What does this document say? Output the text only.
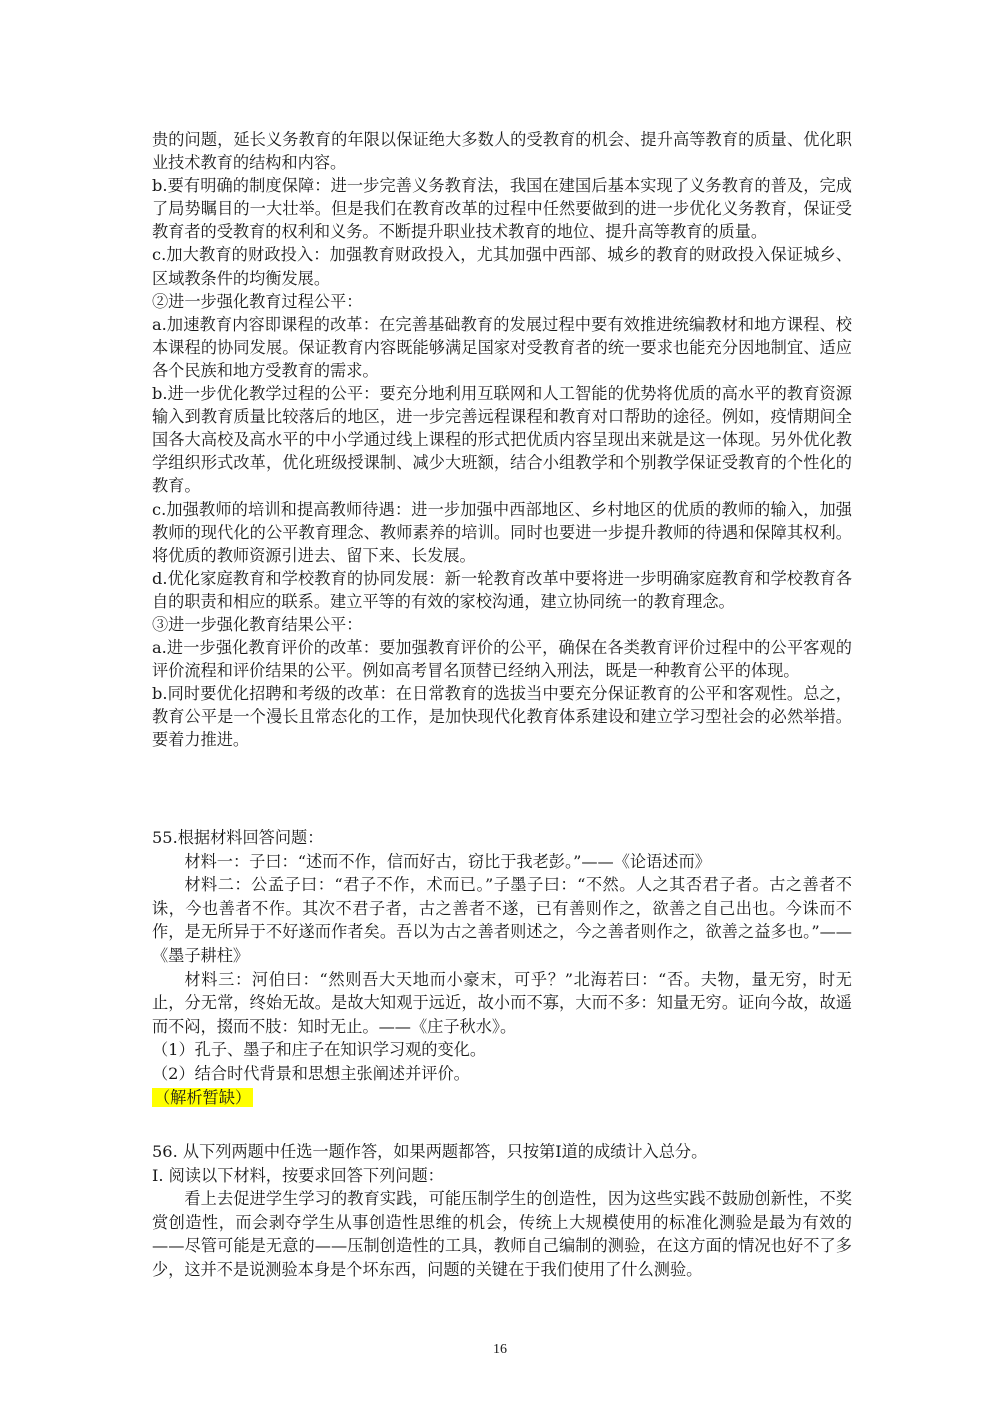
贵的问题，延长义务教育的年限以保证绝大多数人的受教育的机会、提升高等教育的质量、优化职业技术教育的结构和内容。

b.要有明确的制度保障：进一步完善义务教育法，我国在建国后基本实现了义务教育的普及，完成了局势瞩目的一大壮举。但是我们在教育改革的过程中任然要做到的进一步优化义务教育，保证受教育者的受教育的权利和义务。不断提升职业技术教育的地位、提升高等教育的质量。

c.加大教育的财政投入：加强教育财政投入，尤其加强中西部、城乡的教育的财政投入保证城乡、区域教条件的均衡发展。

②进一步强化教育过程公平：

a.加速教育内容即课程的改革：在完善基础教育的发展过程中要有效推进统编教材和地方课程、校本课程的协同发展。保证教育内容既能够满足国家对受教育者的统一要求也能充分因地制宜、适应各个民族和地方受教育的需求。

b.进一步优化教学过程的公平：要充分地利用互联网和人工智能的优势将优质的高水平的教育资源输入到教育质量比较落后的地区，进一步完善远程课程和教育对口帮助的途径。例如，疫情期间全国各大高校及高水平的中小学通过线上课程的形式把优质内容呈现出来就是这一体现。另外优化教学组织形式改革，优化班级授课制、减少大班额，结合小组教学和个别教学保证受教育的个性化的教育。

c.加强教师的培训和提高教师待遇：进一步加强中西部地区、乡村地区的优质的教师的输入，加强教师的现代化的公平教育理念、教师素养的培训。同时也要进一步提升教师的待遇和保障其权利。将优质的教师资源引进去、留下来、长发展。

d.优化家庭教育和学校教育的协同发展：新一轮教育改革中要将进一步明确家庭教育和学校教育各自的职责和相应的联系。建立平等的有效的家校沟通，建立协同统一的教育理念。

③进一步强化教育结果公平：

a.进一步强化教育评价的改革：要加强教育评价的公平，确保在各类教育评价过程中的公平客观的评价流程和评价结果的公平。例如高考冒名顶替已经纳入刑法，既是一种教育公平的体现。

b.同时要优化招聘和考级的改革：在日常教育的选拔当中要充分保证教育的公平和客观性。总之，教育公平是一个漫长且常态化的工作，是加快现代化教育体系建设和建立学习型社会的必然举措。要着力推进。

55.根据材料回答问题：

材料一：子曰：“述而不作，信而好古，窃比于我老彭。”——《论语述而》

材料二：公孟子曰：“君子不作，术而已。”子墨子曰：“不然。人之其否君子者。古之善者不诛，今也善者不作。其次不君子者，古之善者不遂，已有善则作之，欲善之自己出也。今诛而不作，是无所异于不好遂而作者矣。吾以为古之善者则述之，今之善者则作之，欲善之益多也。”——《墨子耕柱》

材料三：河伯曰：“然则吾大天地而小豪末，可乎？”北海若曰：“否。夫物，量无穷，时无止，分无常，终始无故。是故大知观于远近，故小而不寡，大而不多：知量无穷。证向今故，故遥而不闷，掇而不肢：知时无止。——《庄子秋水》。

（1）孔子、墨子和庄子在知识学习观的变化。

（2）结合时代背景和思想主张阐述并评价。

（解析暂缺）

56. 从下列两题中任选一题作答，如果两题都答，只按第I道的成绩计入总分。

I. 阅读以下材料，按要求回答下列问题：

看上去促进学生学习的教育实践，可能压制学生的创造性，因为这些实践不鼓励创新性，不奖赏创造性，而会剥夺学生从事创造性思维的机会，传统上大规模使用的标准化测验是最为有效的——尽管可能是无意的——压制创造性的工具，教师自己编制的测验，在这方面的情况也好不了多少，这并不是说测验本身是个坏东西，问题的关键在于我们使用了什么测验。

16
